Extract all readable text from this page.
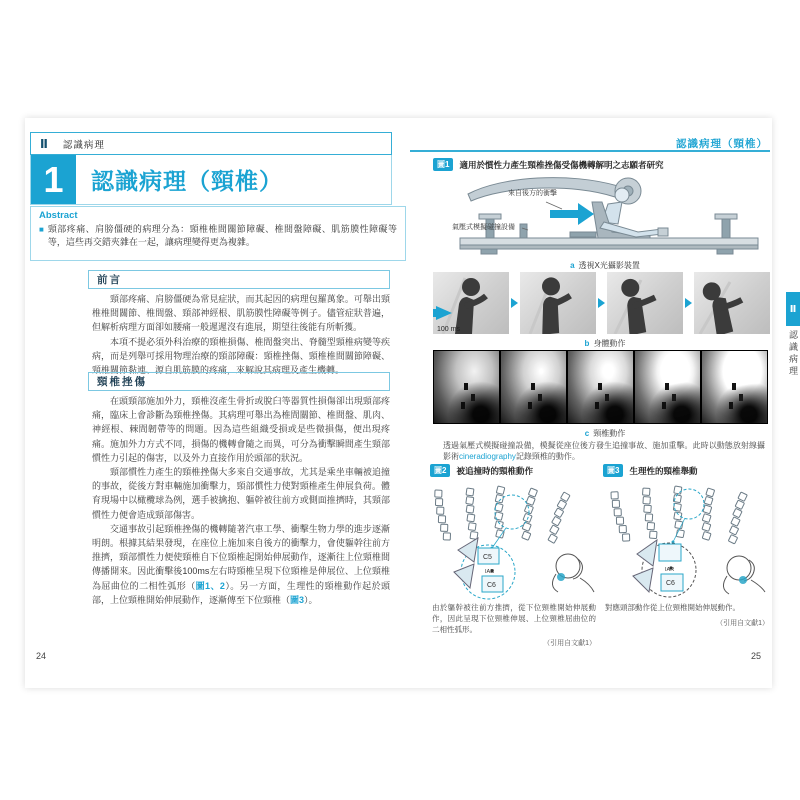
Ⅱ 認識病理
1	認識病理（頸椎）
Abstract
■ 頸部疼痛、肩膀僵硬的病理分為：頸椎椎間關節障礙、椎間盤障礙、肌筋膜性障礙等等，這些再交錯夾雜在一起，讓病理變得更為複雜。
前言

頸部疼痛、肩膀僵硬為常見症狀，而其起因的病理包羅萬象。可舉出頸椎椎間關節、椎間盤、頸部神經根、肌筋膜性障礙等例子。儘管症狀普遍，但解析病理方面卻如腰痛一般遲遲沒有進展，期望往後能有所斬獲。

本項不提必須外科治療的頸椎損傷、椎間盤突出、脊髓型頸椎病變等疾病，而是列舉可採用物理治療的頸部障礙：頸椎挫傷、頸椎椎間關節障礙、頸椎關節黏連、源自肌筋膜的疼痛，來解說其病理及產生機轉。

頸椎挫傷

在頭頸部施加外力，頸椎沒產生骨折或脫臼等器質性損傷卻出現頸部疼痛，臨床上會診斷為頸椎挫傷。其病理可舉出為椎間關節、椎間盤、肌肉、神經根、棘間韌帶等的問題。因為這些組織受損或是些微損傷，便出現疼痛。施加外力方式不同，損傷的機轉會隨之而異，可分為衝擊瞬間產生頸部慣性力引起的傷害，以及外力直接作用於頭部的狀況。

頸部慣性力產生的頸椎挫傷大多來自交通事故，尤其是乘坐車輛被追撞的事故，從後方對車輛施加衝擊力，頸部慣性力使對頸椎產生伸展負荷。體育現場中以橄欖球為例，選手被擒抱、軀幹被往前方或側面推擠時，其頸部慣性力便會造成頸部傷害。

交通事故引起頸椎挫傷的機轉隨著汽車工學、衝擊生物力學的進步逐漸明朗。根據其結果發現，在座位上施加來自後方的衝擊力，會使軀幹往前方推擠，頸部慣性力便使頸椎自下位頸椎起開始伸展動作，逐漸往上位頸椎間傳播開來。因此衝擊後100ms左右時頸椎呈現下位頸椎是伸展位、上位頸椎為屈曲位的二相性弧形（圖1、2）。另一方面，生理性的頸椎動作起於頭部，上位頸椎開始伸展動作，逐漸傳至下位頸椎（圖3）。

24
認識病理（頸椎）
圖1	適用於慣性力產生頸椎挫傷受傷機轉解明之志願者研究
來自後方的衝擊
氣壓式模擬碰撞設備
a 透視X光攝影裝置
100 ms
b 身體動作
c 頸椎動作
透過氣壓式模擬碰撞設備，模擬從座位後方發生追撞事故、施加重擊。此時以動態放射線攝影術cineradiography記錄頸椎的動作。
圖2	被追撞時的頸椎動作
C5
IAR
C6
由於軀幹被往前方推擠，從下位頸椎開始伸展動作，因此呈現下位頸椎伸展、上位頸椎屈曲位的二相性弧形。
（引用自文獻1）
圖3	生理性的頸椎舉動
IAR
C6
對應頭部動作從上位頸椎開始伸展動作。
（引用自文獻1）
25
Ⅱ
認識病理
